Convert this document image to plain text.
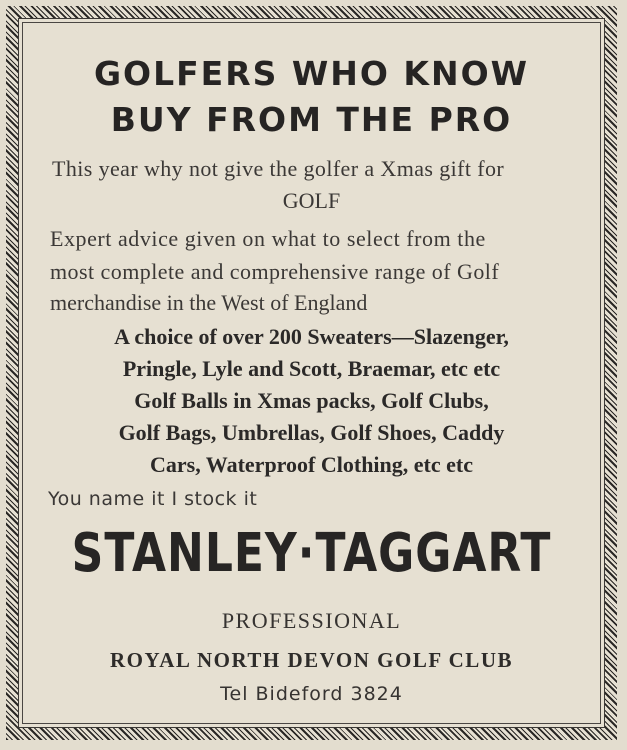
GOLFERS WHO KNOW
BUY FROM THE PRO
This year why not give the golfer a Xmas gift for
GOLF
Expert advice given on what to select from the
most complete and comprehensive range of Golf
merchandise in the West of England
A choice of over 200 Sweaters—Slazenger,
Pringle, Lyle and Scott, Braemar, etc etc
Golf Balls in Xmas packs, Golf Clubs,
Golf Bags, Umbrellas, Golf Shoes, Caddy
Cars, Waterproof Clothing, etc etc
You name it I stock it
STANLEY·TAGGART
PROFESSIONAL
ROYAL NORTH DEVON GOLF CLUB
Tel Bideford 3824
